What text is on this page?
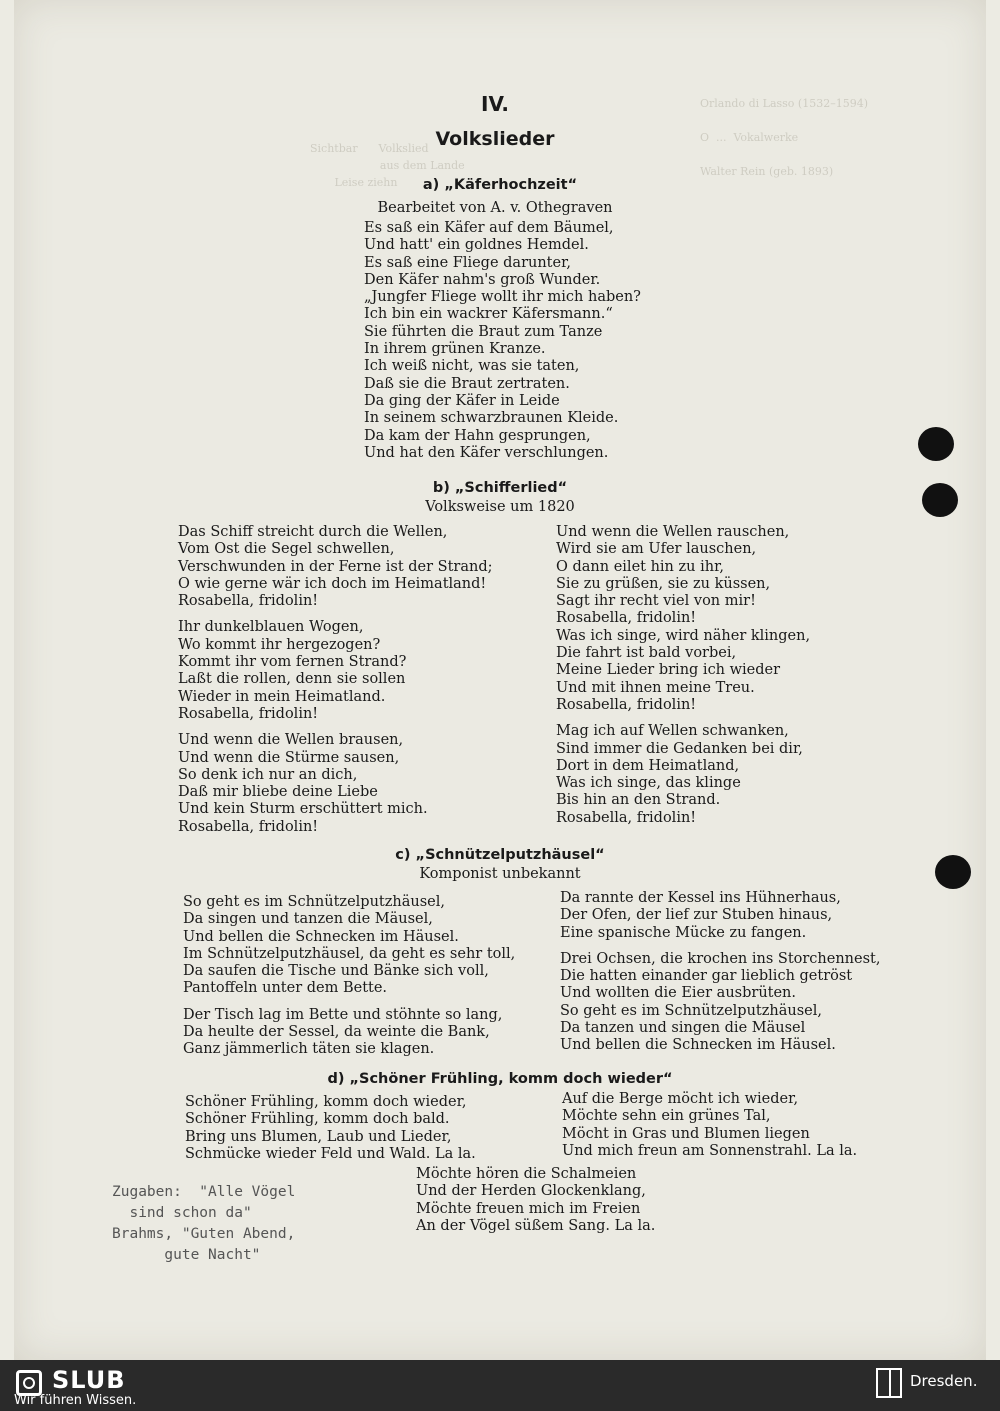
Sichtbar      Volkslied
aus dem Lande
Leise ziehn

Orlando di Lasso (1532–1594)

O  ...  Vokalwerke

Walter Rein (geb. 1893)
IV.
Volkslieder
a) „Käferhochzeit“
Bearbeitet von A. v. Othegraven
Es saß ein Käfer auf dem Bäumel,
Und hatt' ein goldnes Hemdel.
Es saß eine Fliege darunter,
Den Käfer nahm's groß Wunder.
„Jungfer Fliege wollt ihr mich haben?
Ich bin ein wackrer Käfersmann.“
Sie führten die Braut zum Tanze
In ihrem grünen Kranze.
Ich weiß nicht, was sie taten,
Daß sie die Braut zertraten.
Da ging der Käfer in Leide
In seinem schwarzbraunen Kleide.
Da kam der Hahn gesprungen,
Und hat den Käfer verschlungen.
b) „Schifferlied“
Volksweise um 1820
Das Schiff streicht durch die Wellen,
Vom Ost die Segel schwellen,
Verschwunden in der Ferne ist der Strand;
O wie gerne wär ich doch im Heimatland!
Rosabella, fridolin!
Ihr dunkelblauen Wogen,
Wo kommt ihr hergezogen?
Kommt ihr vom fernen Strand?
Laßt die rollen, denn sie sollen
Wieder in mein Heimatland.
Rosabella, fridolin!
Und wenn die Wellen brausen,
Und wenn die Stürme sausen,
So denk ich nur an dich,
Daß mir bliebe deine Liebe
Und kein Sturm erschüttert mich.
Rosabella, fridolin!
Und wenn die Wellen rauschen,
Wird sie am Ufer lauschen,
O dann eilet hin zu ihr,
Sie zu grüßen, sie zu küssen,
Sagt ihr recht viel von mir!
Rosabella, fridolin!
Was ich singe, wird näher klingen,
Die fahrt ist bald vorbei,
Meine Lieder bring ich wieder
Und mit ihnen meine Treu.
Rosabella, fridolin!
Mag ich auf Wellen schwanken,
Sind immer die Gedanken bei dir,
Dort in dem Heimatland,
Was ich singe, das klinge
Bis hin an den Strand.
Rosabella, fridolin!
c) „Schnützelputzhäusel“
Komponist unbekannt
So geht es im Schnützelputzhäusel,
Da singen und tanzen die Mäusel,
Und bellen die Schnecken im Häusel.
Im Schnützelputzhäusel, da geht es sehr toll,
Da saufen die Tische und Bänke sich voll,
Pantoffeln unter dem Bette.
Der Tisch lag im Bette und stöhnte so lang,
Da heulte der Sessel, da weinte die Bank,
Ganz jämmerlich täten sie klagen.
Da rannte der Kessel ins Hühnerhaus,
Der Ofen, der lief zur Stuben hinaus,
Eine spanische Mücke zu fangen.
Drei Ochsen, die krochen ins Storchennest,
Die hatten einander gar lieblich getröst
Und wollten die Eier ausbrüten.
So geht es im Schnützelputzhäusel,
Da tanzen und singen die Mäusel
Und bellen die Schnecken im Häusel.
d) „Schöner Frühling, komm doch wieder“
Schöner Frühling, komm doch wieder,
Schöner Frühling, komm doch bald.
Bring uns Blumen, Laub und Lieder,
Schmücke wieder Feld und Wald. La la.
Auf die Berge möcht ich wieder,
Möchte sehn ein grünes Tal,
Möcht in Gras und Blumen liegen
Und mich freun am Sonnenstrahl. La la.
Möchte hören die Schalmeien
Und der Herden Glockenklang,
Möchte freuen mich im Freien
An der Vögel süßem Sang. La la.
Zugaben:  "Alle Vögel
sind schon da"
Brahms, "Guten Abend,
gute Nacht"
SLUB
Wir führen Wissen.
Dresden.
